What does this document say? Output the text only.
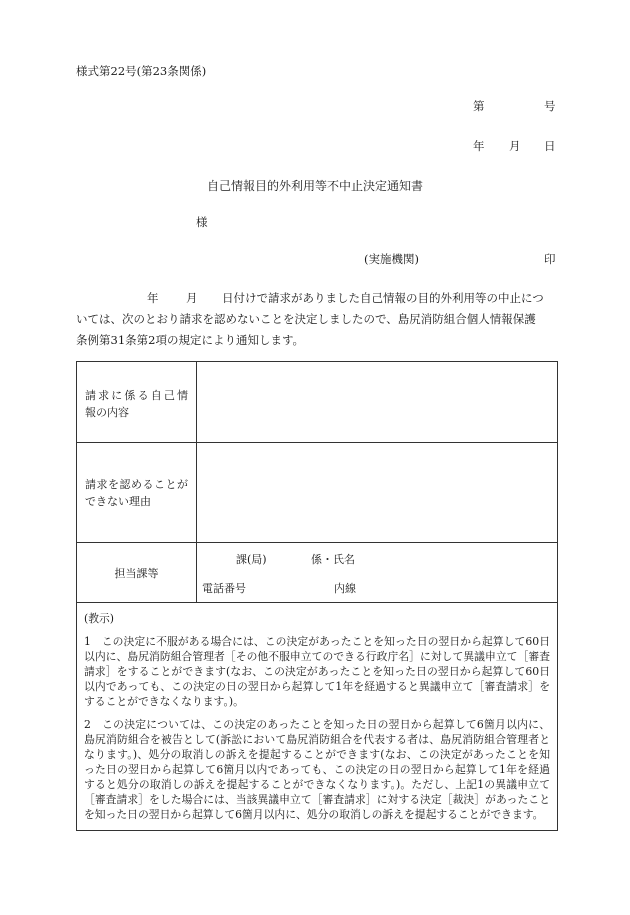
様式第22号(第23条関係)
第	号
年 月 日
自己情報目的外利用等不中止決定通知書
様
(実施機関)	印
年 月 日付けで請求がありました自己情報の目的外利用等の中止につ
いては、次のとおり請求を認めないことを決定しましたので、島尻消防組合個人情報保護
条例第31条第2項の規定により通知します。
請求に係る自己情
報の内容	

請求を認めることが
できない理由	

担当課等	課(局) 係・氏名
電話番号 内線

(教示)

1　この決定に不服がある場合には、この決定があったことを知った日の翌日から起算して60日以内に、島尻消防組合管理者［その他不服申立てのできる行政庁名］に対して異議申立て［審査請求］をすることができます(なお、この決定があったことを知った日の翌日から起算して60日以内であっても、この決定の日の翌日から起算して1年を経過すると異議申立て［審査請求］をすることができなくなります。)。

2　この決定については、この決定のあったことを知った日の翌日から起算して6箇月以内に、島尻消防組合を被告として(訴訟において島尻消防組合を代表する者は、島尻消防組合管理者となります。)、処分の取消しの訴えを提起することができます(なお、この決定があったことを知った日の翌日から起算して6箇月以内であっても、この決定の日の翌日から起算して1年を経過すると処分の取消しの訴えを提起することができなくなります。)。ただし、上記1の異議申立て［審査請求］をした場合には、当該異議申立て［審査請求］に対する決定［裁決］があったことを知った日の翌日から起算して6箇月以内に、処分の取消しの訴えを提起することができます。	
